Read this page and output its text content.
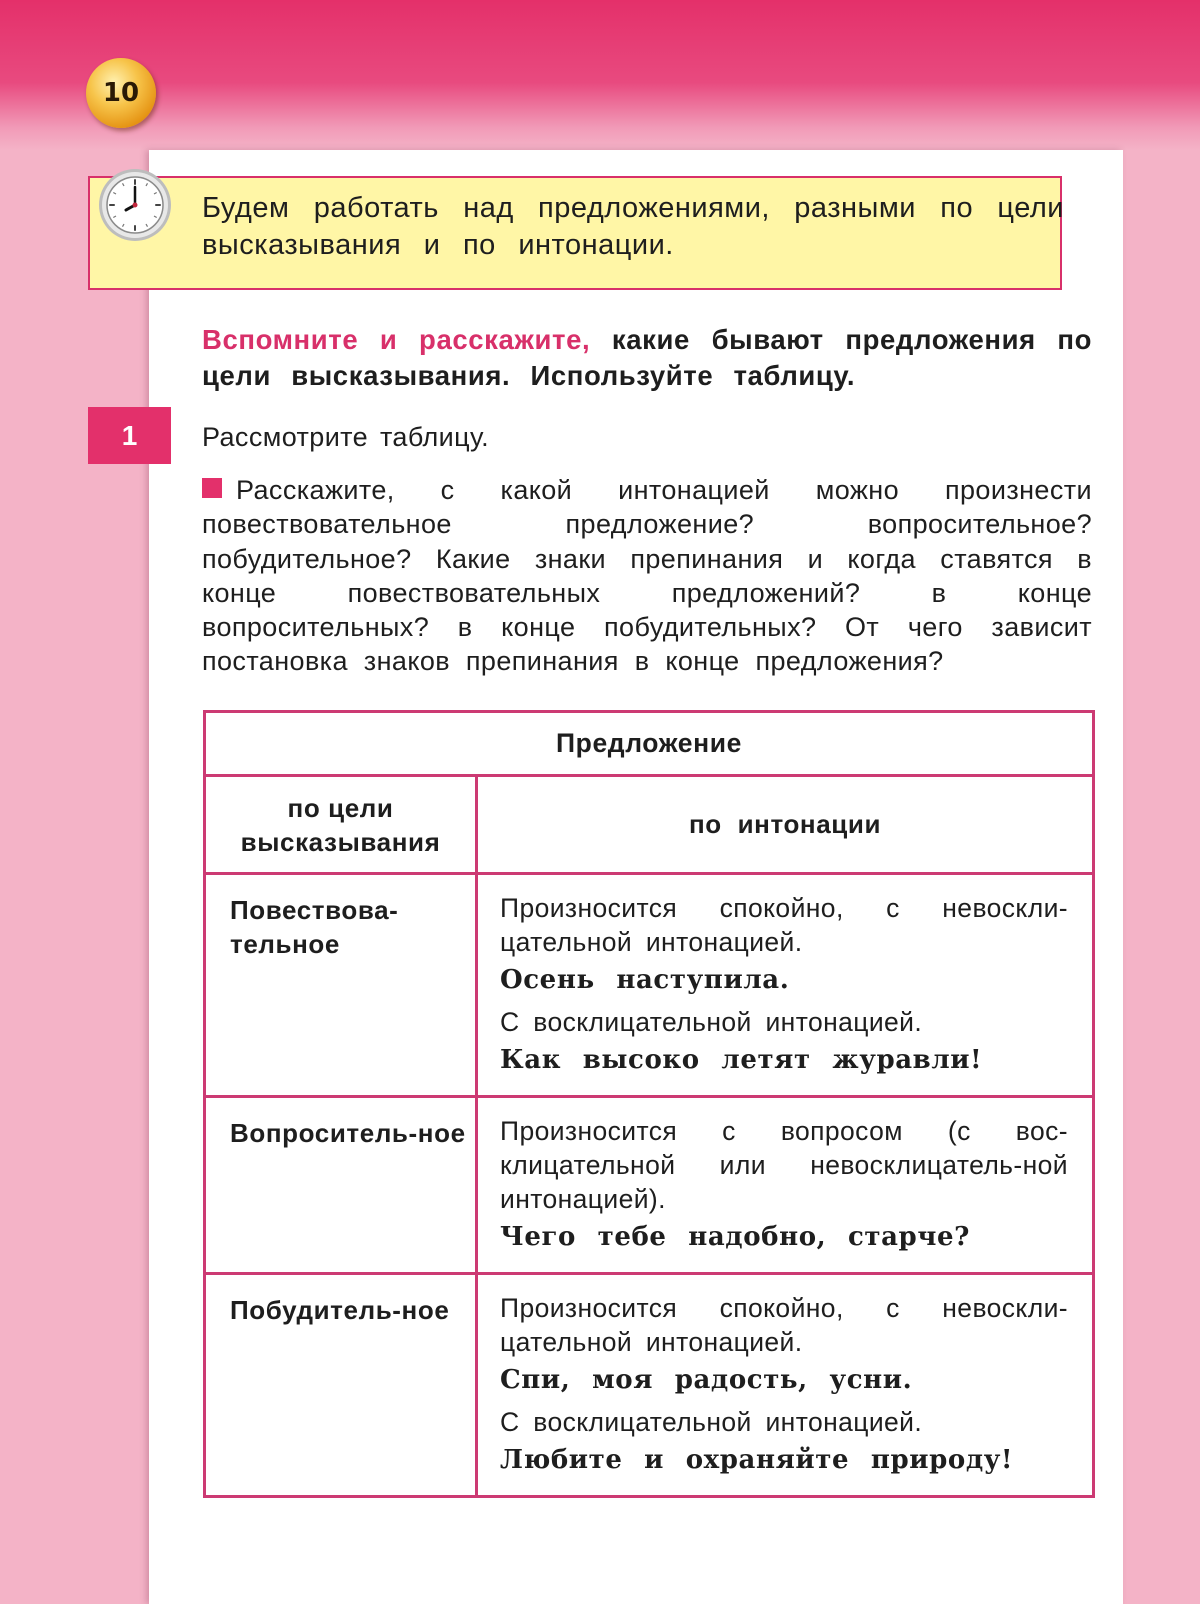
10
Будем работать над предложениями, разными по цели высказывания и по интонации.
Вспомните и расскажите, какие бывают предложения по цели высказывания. Используйте таблицу.
1	Рассмотрите таблицу.
Расскажите, с какой интонацией можно произнести повествовательное предложение? вопросительное? побудительное? Какие знаки препинания и когда ставятся в конце повествовательных предложений? в конце вопросительных? в конце побудительных? От чего зависит постановка знаков препинания в конце предложения?
Предложение	
по цели высказывания	по интонации
Повествова-тельное	Произносится спокойно, с невоскли-цательной интонацией.
Осень наступила.
С восклицательной интонацией.
Как высоко летят журавли!

Вопроситель-ное	Произносится с вопросом (с вос-клицательной или невосклицатель-ной интонацией).
Чего тебе надобно, старче?

Побудитель-ное	Произносится спокойно, с невоскли-цательной интонацией.
Спи, моя радость, усни.
С восклицательной интонацией.
Любите и охраняйте природу!
